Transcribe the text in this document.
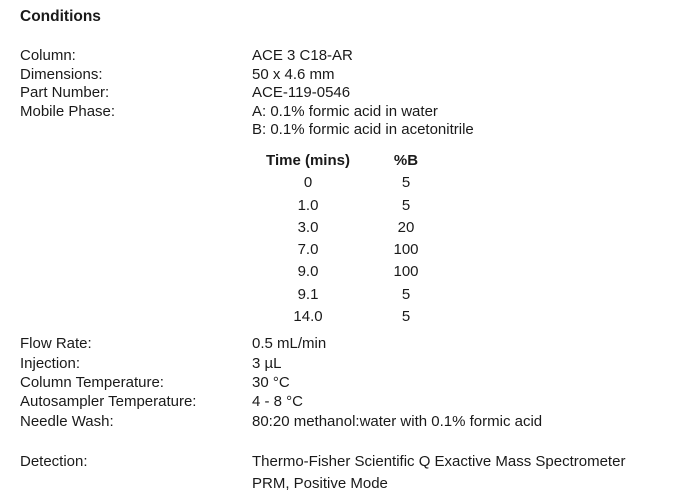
Conditions
Column:	ACE 3 C18-AR
Dimensions:	50 x 4.6 mm
Part Number:	ACE-119-0546
Mobile Phase:	A: 0.1% formic acid in water
B: 0.1% formic acid in acetonitrile
Time (mins)	%B
0	5
1.0	5
3.0	20
7.0	100
9.0	100
9.1	5
14.0	5
Flow Rate:	0.5 mL/min
Injection:	3 µL
Column Temperature:	30 °C
Autosampler Temperature:	4 - 8 °C
Needle Wash:	80:20 methanol:water with 0.1% formic acid
Detection:	Thermo-Fisher Scientific Q Exactive Mass Spectrometer
PRM, Positive Mode
